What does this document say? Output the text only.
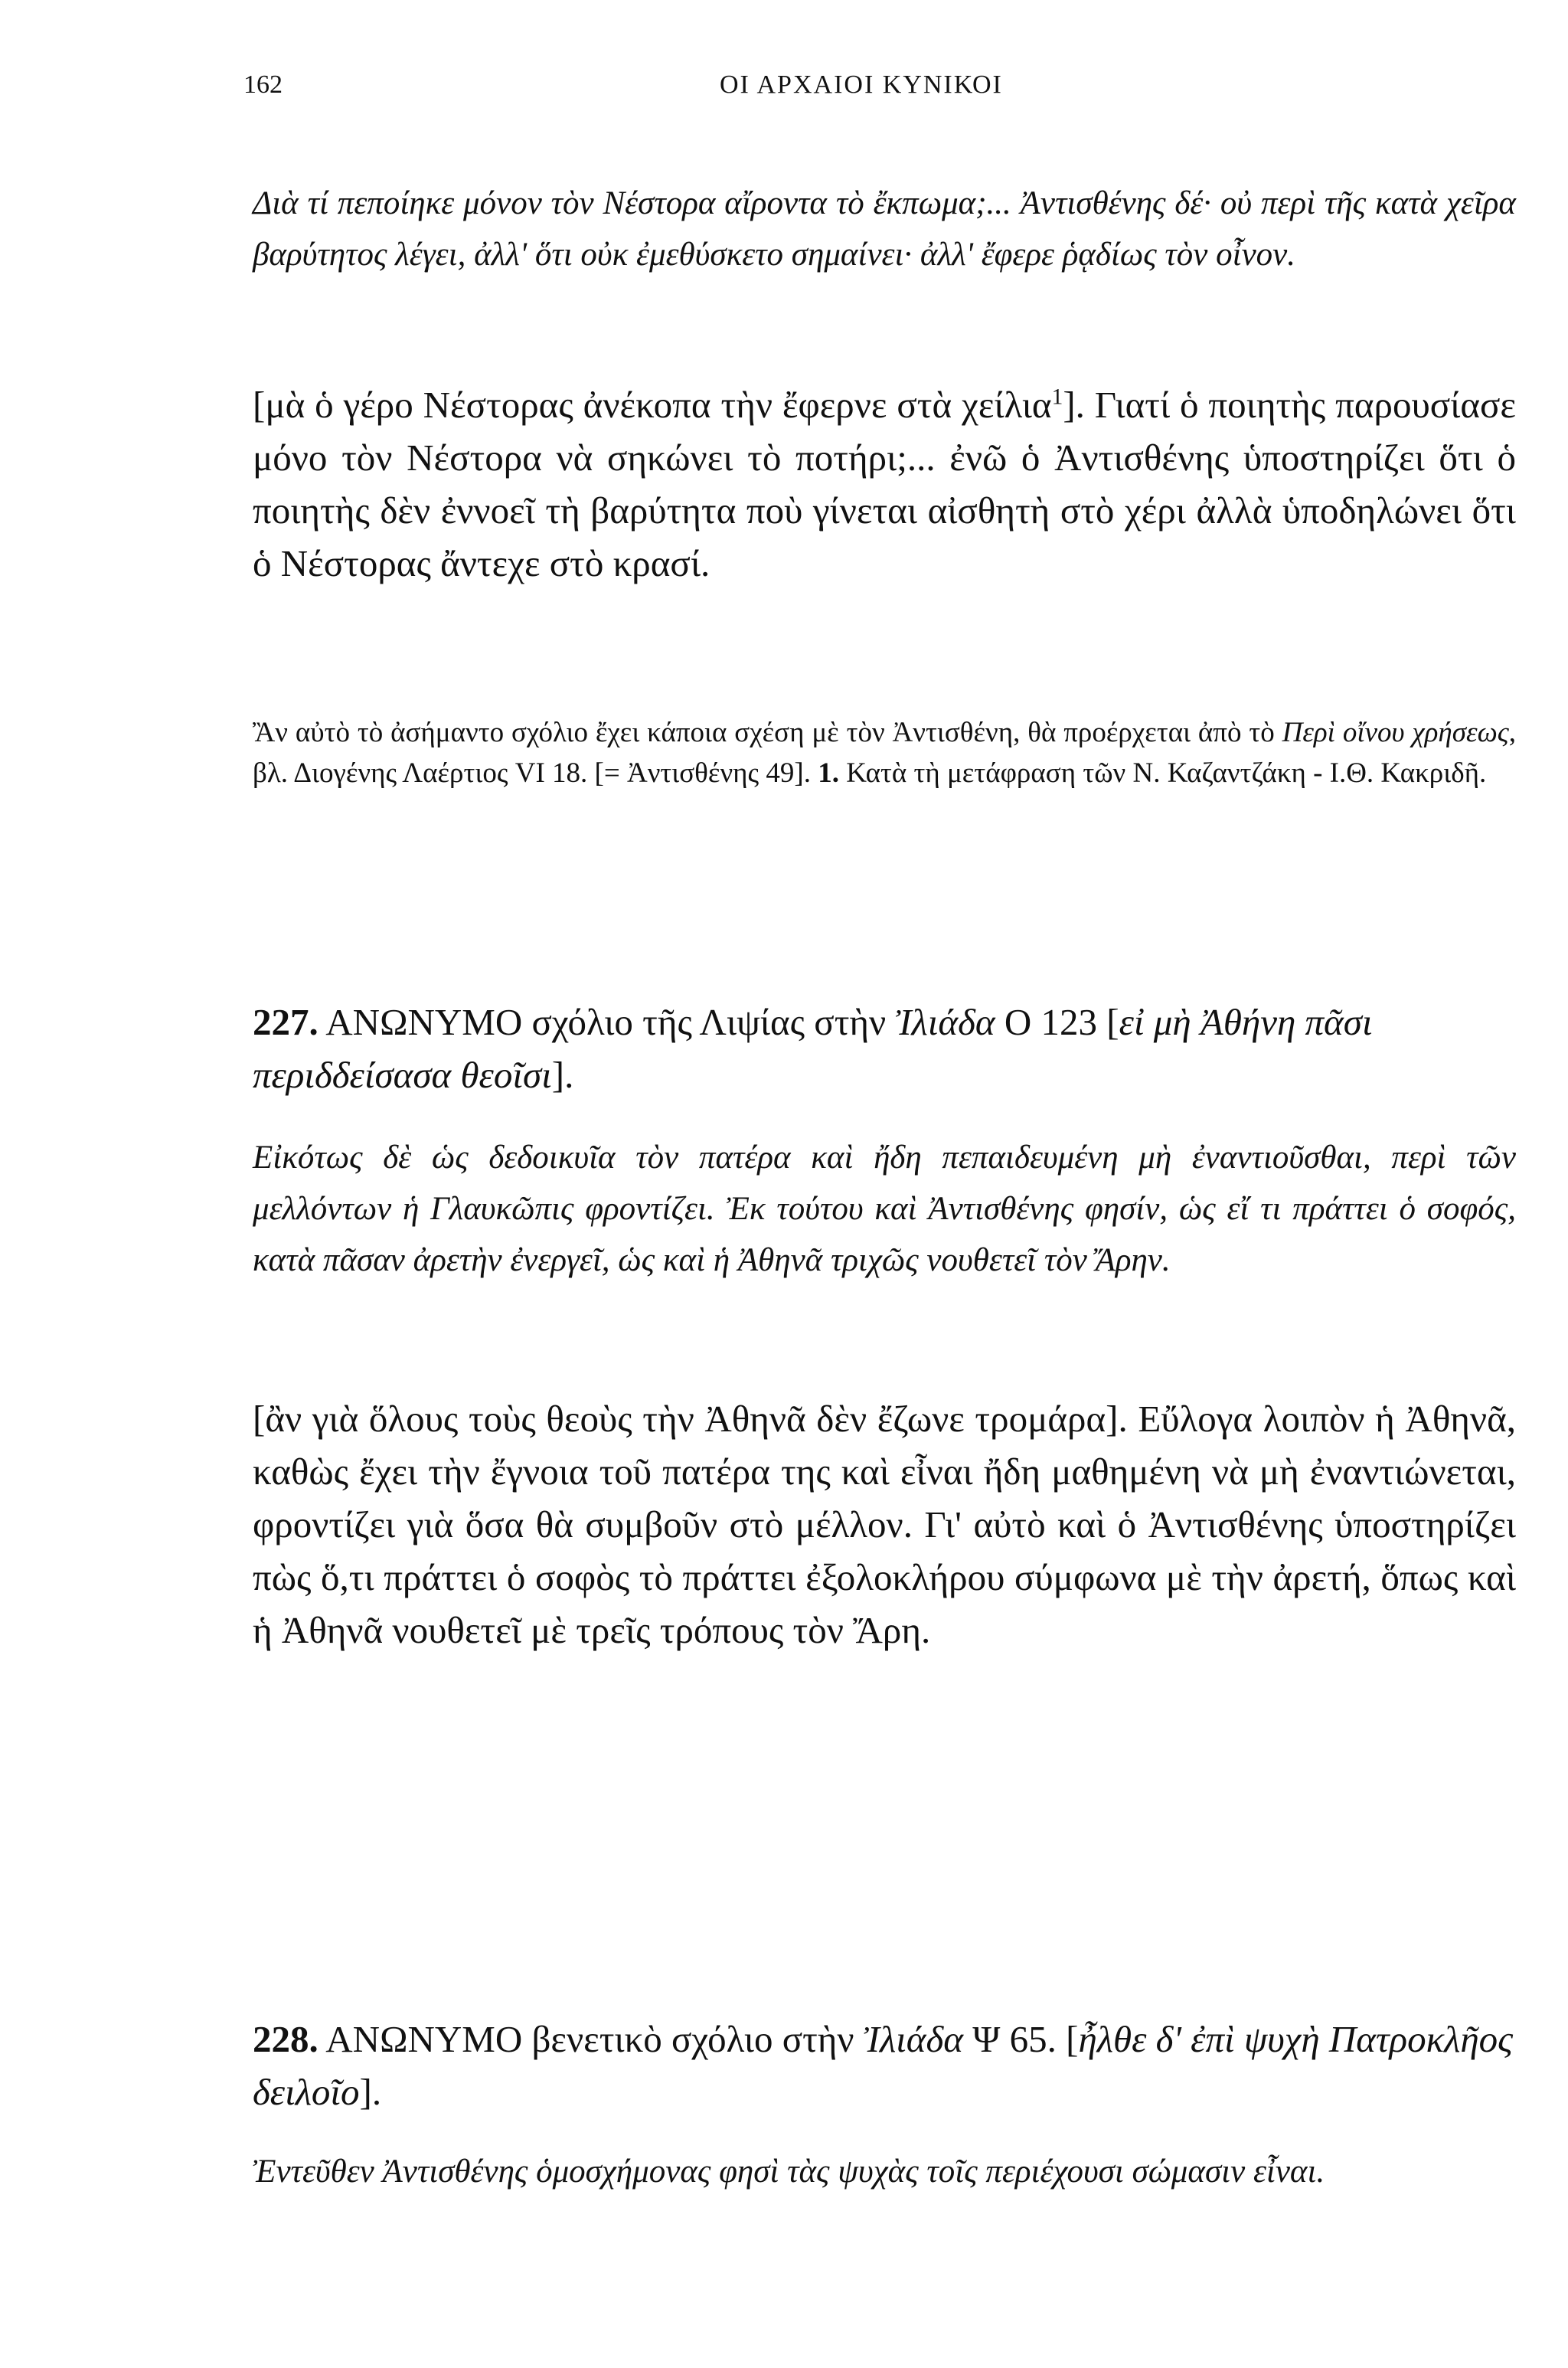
162	ΟΙ ΑΡΧΑΙΟΙ ΚΥΝΙΚΟΙ

Διὰ τί πεποίηκε μόνον τὸν Νέστορα αἴροντα τὸ ἔκπωμα;... Ἀντισθένης δέ· οὐ περὶ τῆς κατὰ χεῖρα βαρύτητος λέγει, ἀλλ' ὅτι οὐκ ἐμεθύσκετο σημαίνει· ἀλλ' ἔφερε ῥᾳδίως τὸν οἶνον.

[μὰ ὁ γέρο Νέστορας ἀνέκοπα τὴν ἔφερνε στὰ χείλια$^1$]. Γιατί ὁ ποιητὴς παρουσίασε μόνο τὸν Νέστορα νὰ σηκώνει τὸ ποτήρι;... ἐνῶ ὁ Ἀντισθένης ὑποστηρίζει ὅτι ὁ ποιητὴς δὲν ἐννοεῖ τὴ βαρύτητα ποὺ γίνεται αἰσθητὴ στὸ χέρι ἀλλὰ ὑποδηλώνει ὅτι ὁ Νέστορας ἄντεχε στὸ κρασί.

Ἂν αὐτὸ τὸ ἀσήμαντο σχόλιο ἔχει κάποια σχέση μὲ τὸν Ἀντισθένη, θὰ προέρχεται ἀπὸ τὸ Περὶ οἴνου χρήσεως, βλ. Διογένης Λαέρτιος VI 18. [= Ἀντισθένης 49]. 1. Κατὰ τὴ μετάφραση τῶν Ν. Καζαντζάκη - Ι.Θ. Κακριδῆ.

227. ΑΝΩΝΥΜΟ σχόλιο τῆς Λιψίας στὴν Ἰλιάδα Ο 123 [εἰ μὴ Ἀθήνη πᾶσι περιδδείσασα θεοῖσι].

Εἰκότως δὲ ὡς δεδοικυῖα τὸν πατέρα καὶ ἤδη πεπαιδευμένη μὴ ἐναντιοῦσθαι, περὶ τῶν μελλόντων ἡ Γλαυκῶπις φροντίζει. Ἐκ τούτου καὶ Ἀντισθένης φησίν, ὡς εἴ τι πράττει ὁ σοφός, κατὰ πᾶσαν ἀρετὴν ἐνεργεῖ, ὡς καὶ ἡ Ἀθηνᾶ τριχῶς νουθετεῖ τὸν Ἄρην.

[ἂν γιὰ ὅλους τοὺς θεοὺς τὴν Ἀθηνᾶ δὲν ἔζωνε τρομάρα]. Εὔλογα λοιπὸν ἡ Ἀθηνᾶ, καθὼς ἔχει τὴν ἔγνοια τοῦ πατέρα της καὶ εἶναι ἤδη μαθημένη νὰ μὴ ἐναντιώνεται, φροντίζει γιὰ ὅσα θὰ συμβοῦν στὸ μέλλον. Γι' αὐτὸ καὶ ὁ Ἀντισθένης ὑποστηρίζει πὼς ὅ,τι πράττει ὁ σοφὸς τὸ πράττει ἐξολοκλήρου σύμφωνα μὲ τὴν ἀρετή, ὅπως καὶ ἡ Ἀθηνᾶ νουθετεῖ μὲ τρεῖς τρόπους τὸν Ἄρη.

228. ΑΝΩΝΥΜΟ βενετικὸ σχόλιο στὴν Ἰλιάδα Ψ 65. [ἦλθε δ' ἐπὶ ψυχὴ Πατροκλῆος δειλοῖο].

Ἐντεῦθεν Ἀντισθένης ὁμοσχήμονας φησὶ τὰς ψυχὰς τοῖς περιέχουσι σώμασιν εἶναι.
